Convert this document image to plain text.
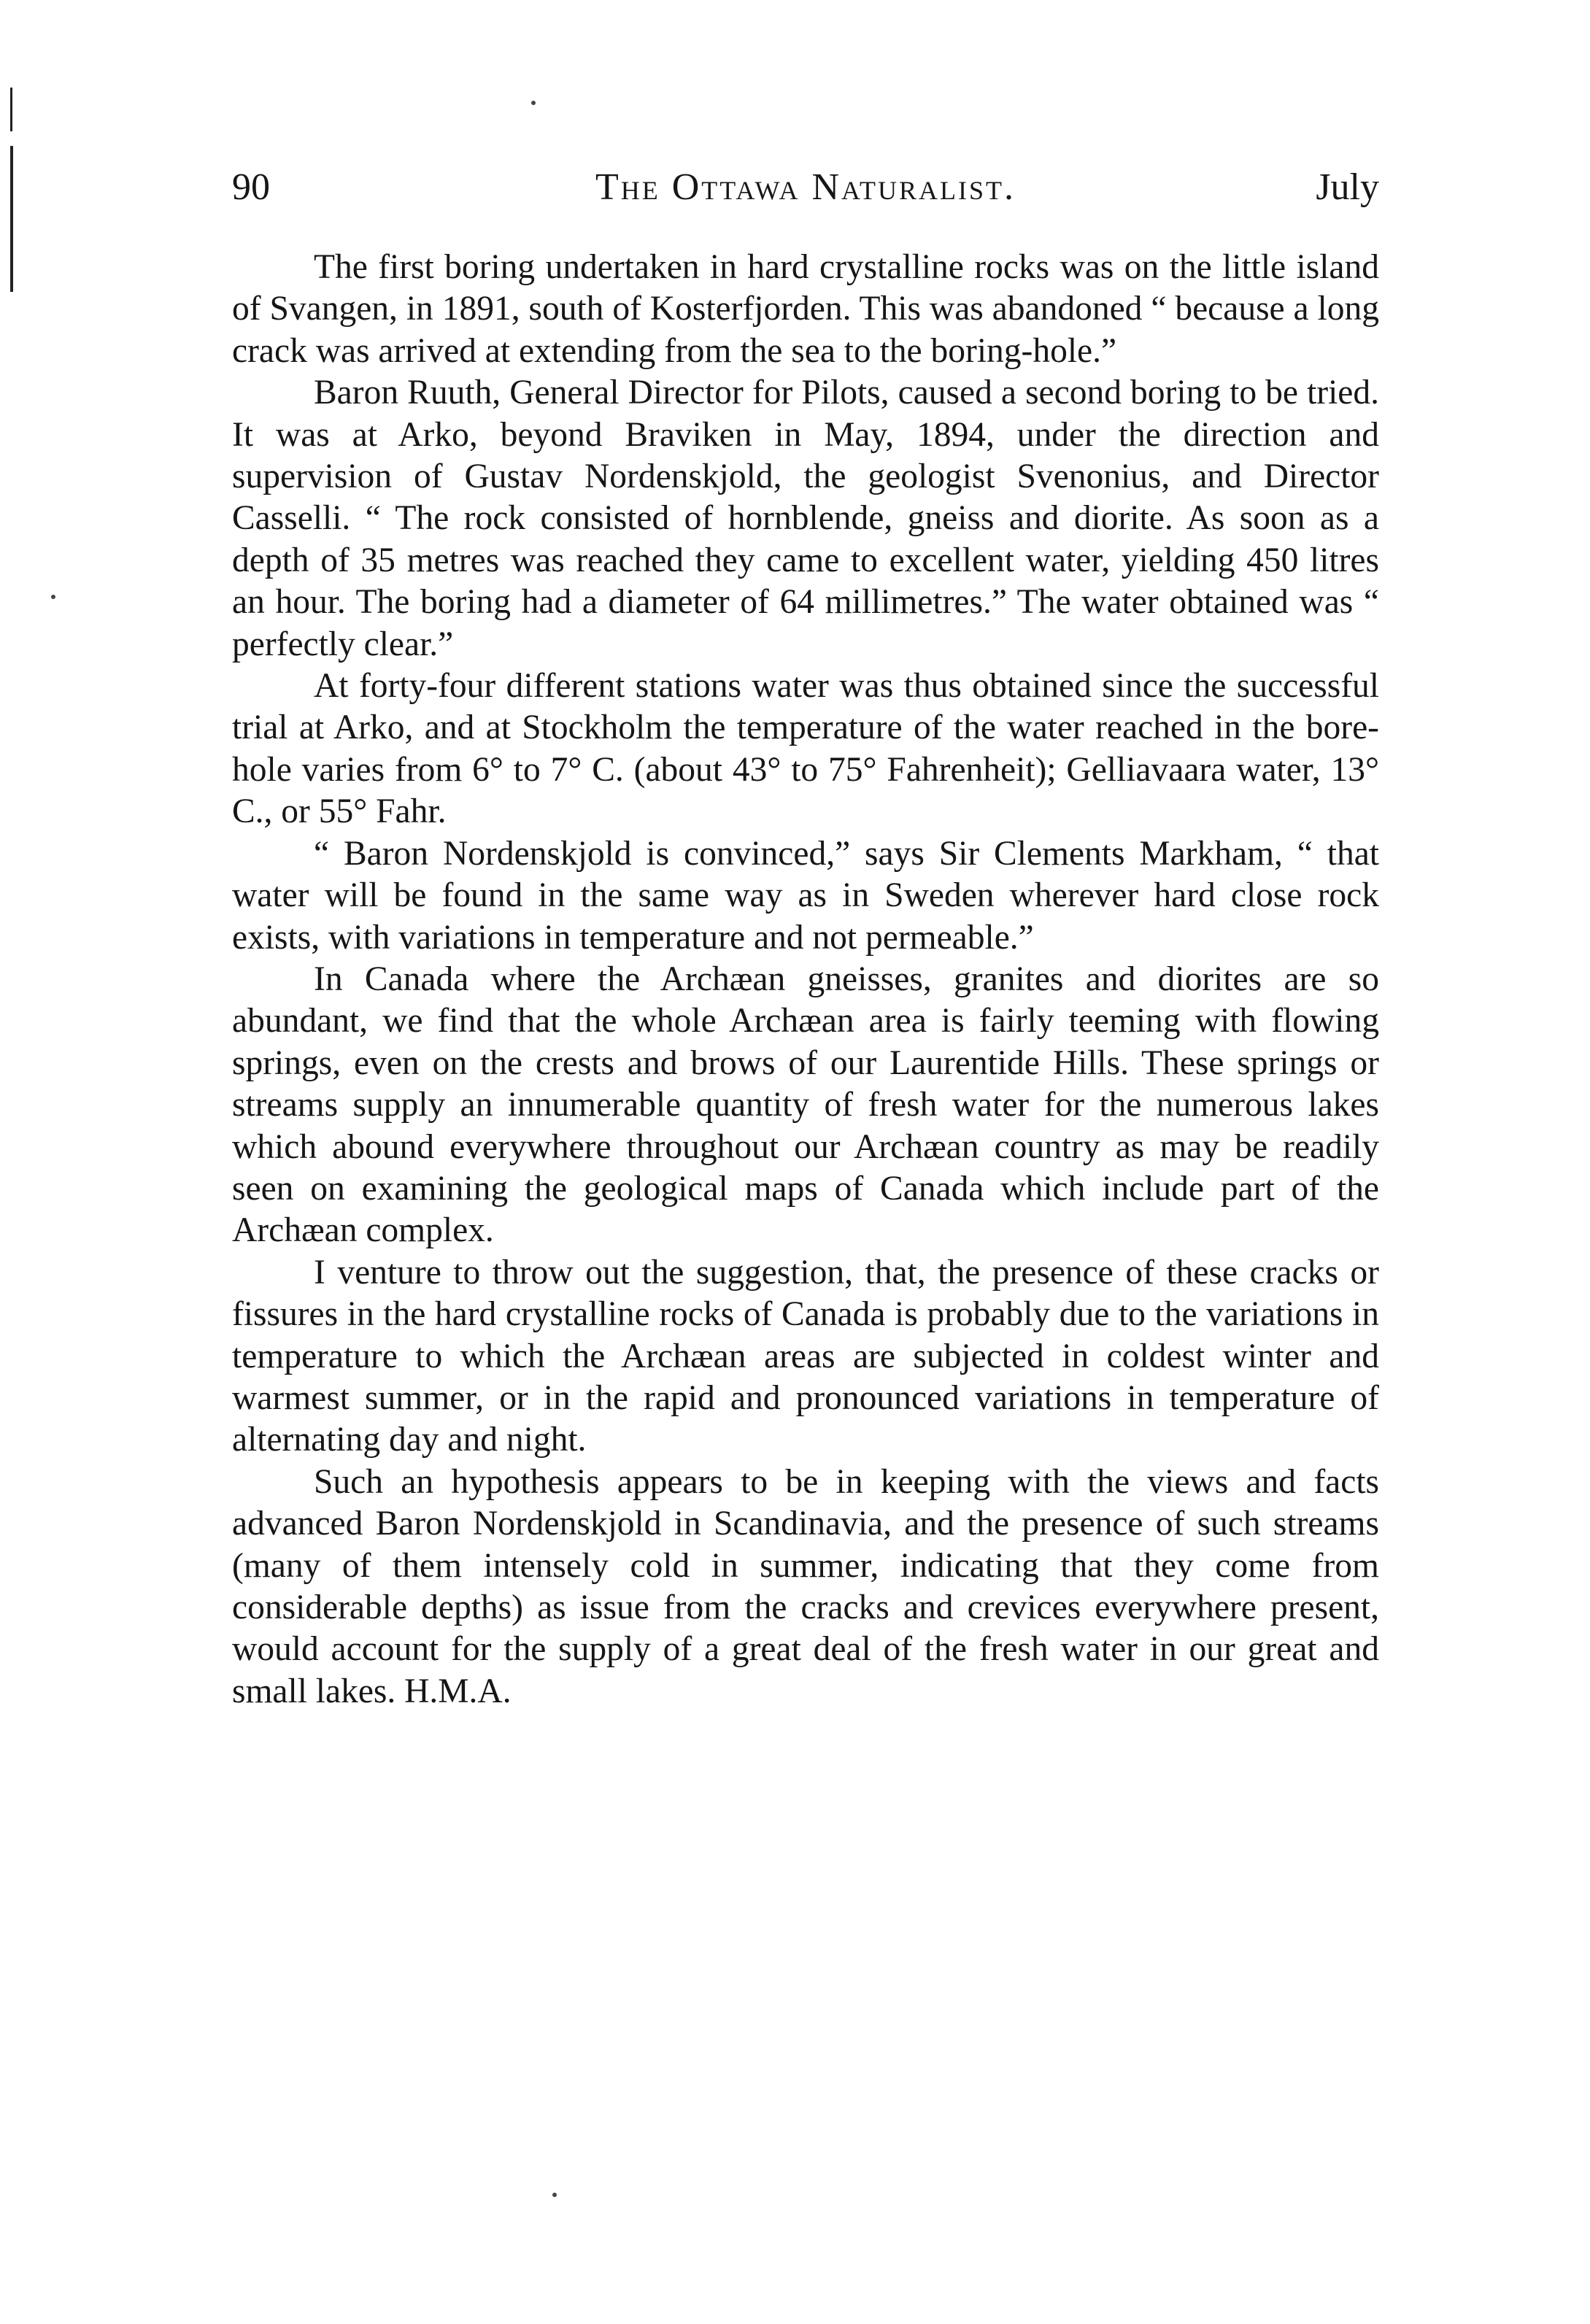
90	The Ottawa Naturalist.	July

The first boring undertaken in hard crystalline rocks was on the little island of Svangen, in 1891, south of Kosterfjorden. This was abandoned “ because a long crack was arrived at extending from the sea to the boring-hole.”

Baron Ruuth, General Director for Pilots, caused a second boring to be tried. It was at Arko, beyond Braviken in May, 1894, under the direction and supervision of Gustav Nordenskjold, the geologist Svenonius, and Director Casselli. “ The rock consisted of hornblende, gneiss and diorite. As soon as a depth of 35 metres was reached they came to excellent water, yielding 450 litres an hour. The boring had a diameter of 64 millimetres.” The water obtained was “ perfectly clear.”

At forty-four different stations water was thus obtained since the successful trial at Arko, and at Stockholm the temperature of the water reached in the bore-hole varies from 6° to 7° C. (about 43° to 75° Fahrenheit); Gelliavaara water, 13° C., or 55° Fahr.

“ Baron Nordenskjold is convinced,” says Sir Clements Markham, “ that water will be found in the same way as in Sweden wherever hard close rock exists, with variations in temperature and not permeable.”

In Canada where the Archæan gneisses, granites and diorites are so abundant, we find that the whole Archæan area is fairly teeming with flowing springs, even on the crests and brows of our Laurentide Hills. These springs or streams supply an innumerable quantity of fresh water for the numerous lakes which abound everywhere throughout our Archæan country as may be readily seen on examining the geological maps of Canada which include part of the Archæan complex.

I venture to throw out the suggestion, that, the presence of these cracks or fissures in the hard crystalline rocks of Canada is probably due to the variations in temperature to which the Archæan areas are subjected in coldest winter and warmest summer, or in the rapid and pronounced variations in temperature of alternating day and night.

Such an hypothesis appears to be in keeping with the views and facts advanced Baron Nordenskjold in Scandinavia, and the presence of such streams (many of them intensely cold in summer, indicating that they come from considerable depths) as issue from the cracks and crevices everywhere present, would account for the supply of a great deal of the fresh water in our great and small lakes. H.M.A.
